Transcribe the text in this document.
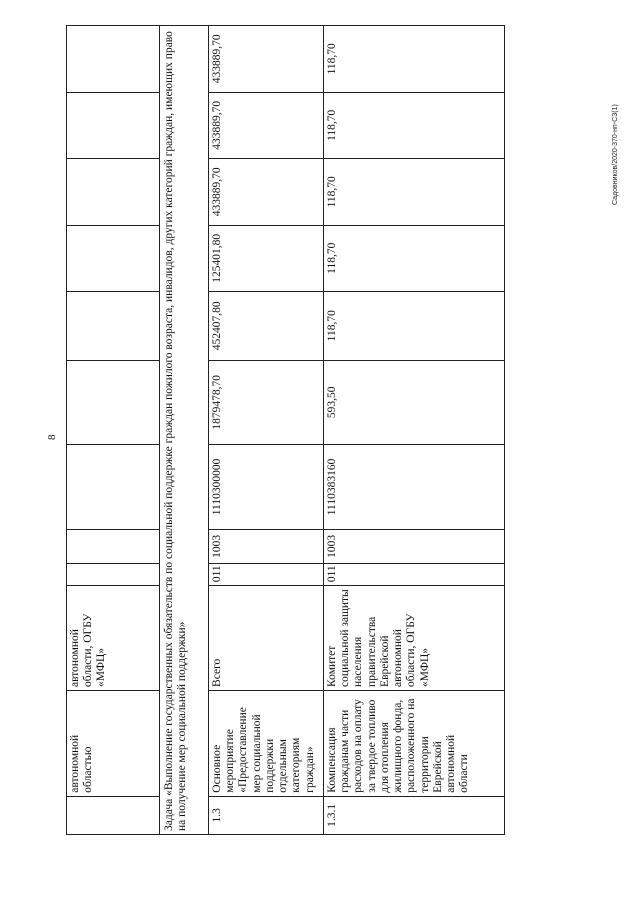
8
Садовников/2020-370-нп-СЗ(1)
	автономной областью	автономной области, ОГБУ «МФЦ»									
Задача «Выполнение государственных обязательств по социальной поддержке граждан пожилого возраста, инвалидов, других категорий граждан, имеющих право на получение мер социальной поддержки»											
1.3	Основное мероприятие «Предоставление мер социальной поддержки отдельным категориям граждан»	Всего	011	1003	1110300000	1879478,70	452407,80	125401,80	433889,70	433889,70	433889,70
1.3.1	Компенсация гражданам части расходов на оплату за твердое топливо для отопления жилищного фонда, расположенного на территории Еврейской автономной области	Комитет социальной защиты населения правительства Еврейской автономной области, ОГБУ «МФЦ»	011	1003	1110383160	593,50	118,70	118,70	118,70	118,70	118,70
